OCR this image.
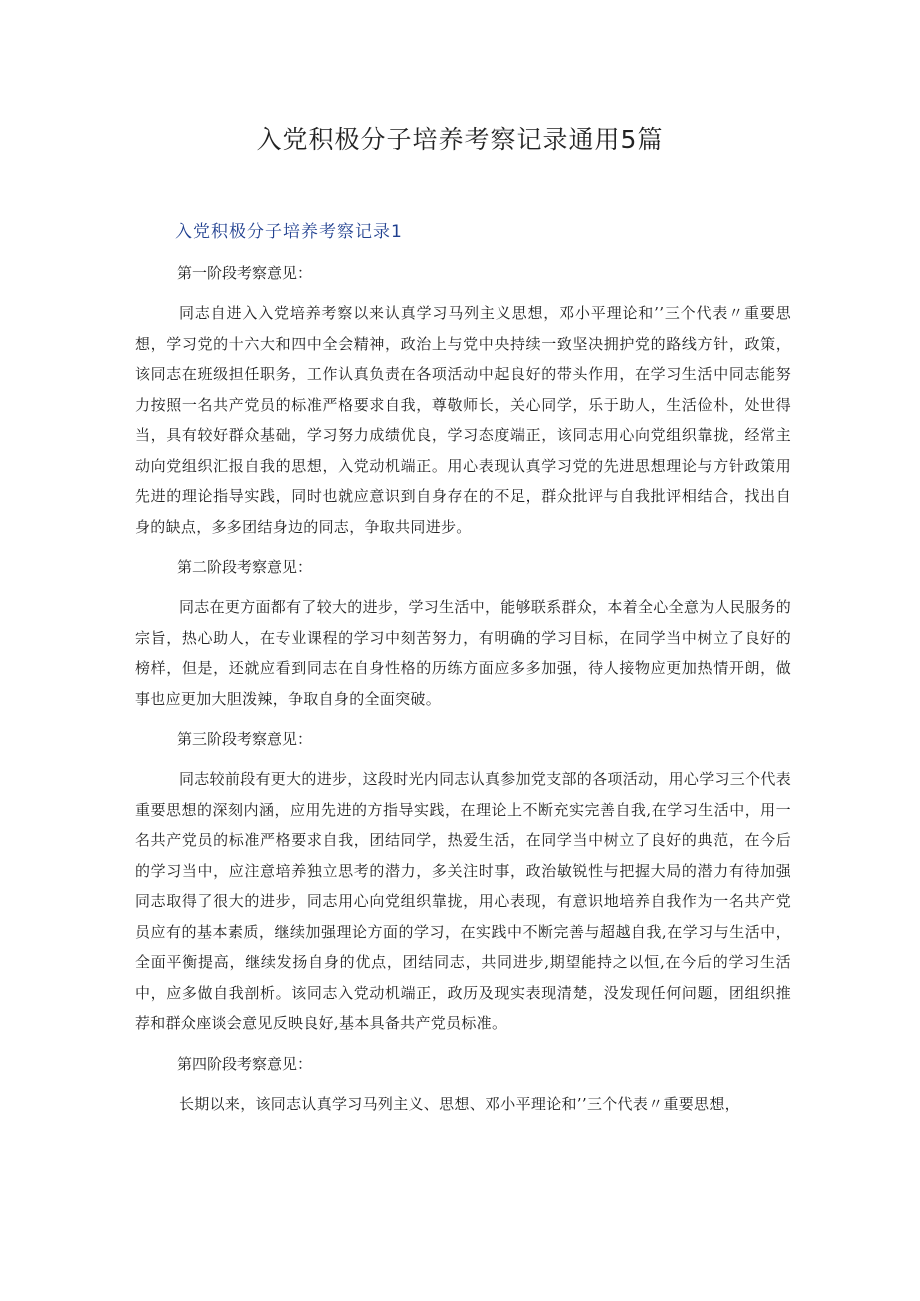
入党积极分子培养考察记录通用5篇
入党积极分子培养考察记录1
第一阶段考察意见：

同志自进入入党培养考察以来认真学习马列主义思想，邓小平理论和’’三个代表〃重要思想，学习党的十六大和四中全会精神，政治上与党中央持续一致坚决拥护党的路线方针，政策，该同志在班级担任职务，工作认真负责在各项活动中起良好的带头作用，在学习生活中同志能努力按照一名共产党员的标准严格要求自我，尊敬师长，关心同学，乐于助人，生活俭朴，处世得当，具有较好群众基础，学习努力成绩优良，学习态度端正，该同志用心向党组织靠拢，经常主动向党组织汇报自我的思想，入党动机端正。用心表现认真学习党的先进思想理论与方针政策用先进的理论指导实践，同时也就应意识到自身存在的不足，群众批评与自我批评相结合，找出自身的缺点，多多团结身边的同志，争取共同进步。

第二阶段考察意见：

同志在更方面都有了较大的进步，学习生活中，能够联系群众，本着全心全意为人民服务的宗旨，热心助人，在专业课程的学习中刻苦努力，有明确的学习目标，在同学当中树立了良好的榜样，但是，还就应看到同志在自身性格的历练方面应多多加强，待人接物应更加热情开朗，做事也应更加大胆泼辣，争取自身的全面突破。

第三阶段考察意见：

同志较前段有更大的进步，这段时光内同志认真参加党支部的各项活动，用心学习三个代表重要思想的深刻内涵，应用先进的方指导实践，在理论上不断充实完善自我,在学习生活中，用一名共产党员的标准严格要求自我，团结同学，热爱生活，在同学当中树立了良好的典范，在今后的学习当中，应注意培养独立思考的潜力，多关注时事，政治敏锐性与把握大局的潜力有待加强同志取得了很大的进步，同志用心向党组织靠拢，用心表现，有意识地培养自我作为一名共产党员应有的基本素质，继续加强理论方面的学习，在实践中不断完善与超越自我,在学习与生活中，全面平衡提高，继续发扬自身的优点，团结同志，共同进步,期望能持之以恒,在今后的学习生活中，应多做自我剖析。该同志入党动机端正，政历及现实表现清楚，没发现任何问题，团组织推荐和群众座谈会意见反映良好,基本具备共产党员标准。

第四阶段考察意见：

长期以来，该同志认真学习马列主义、思想、邓小平理论和’’三个代表〃重要思想，
